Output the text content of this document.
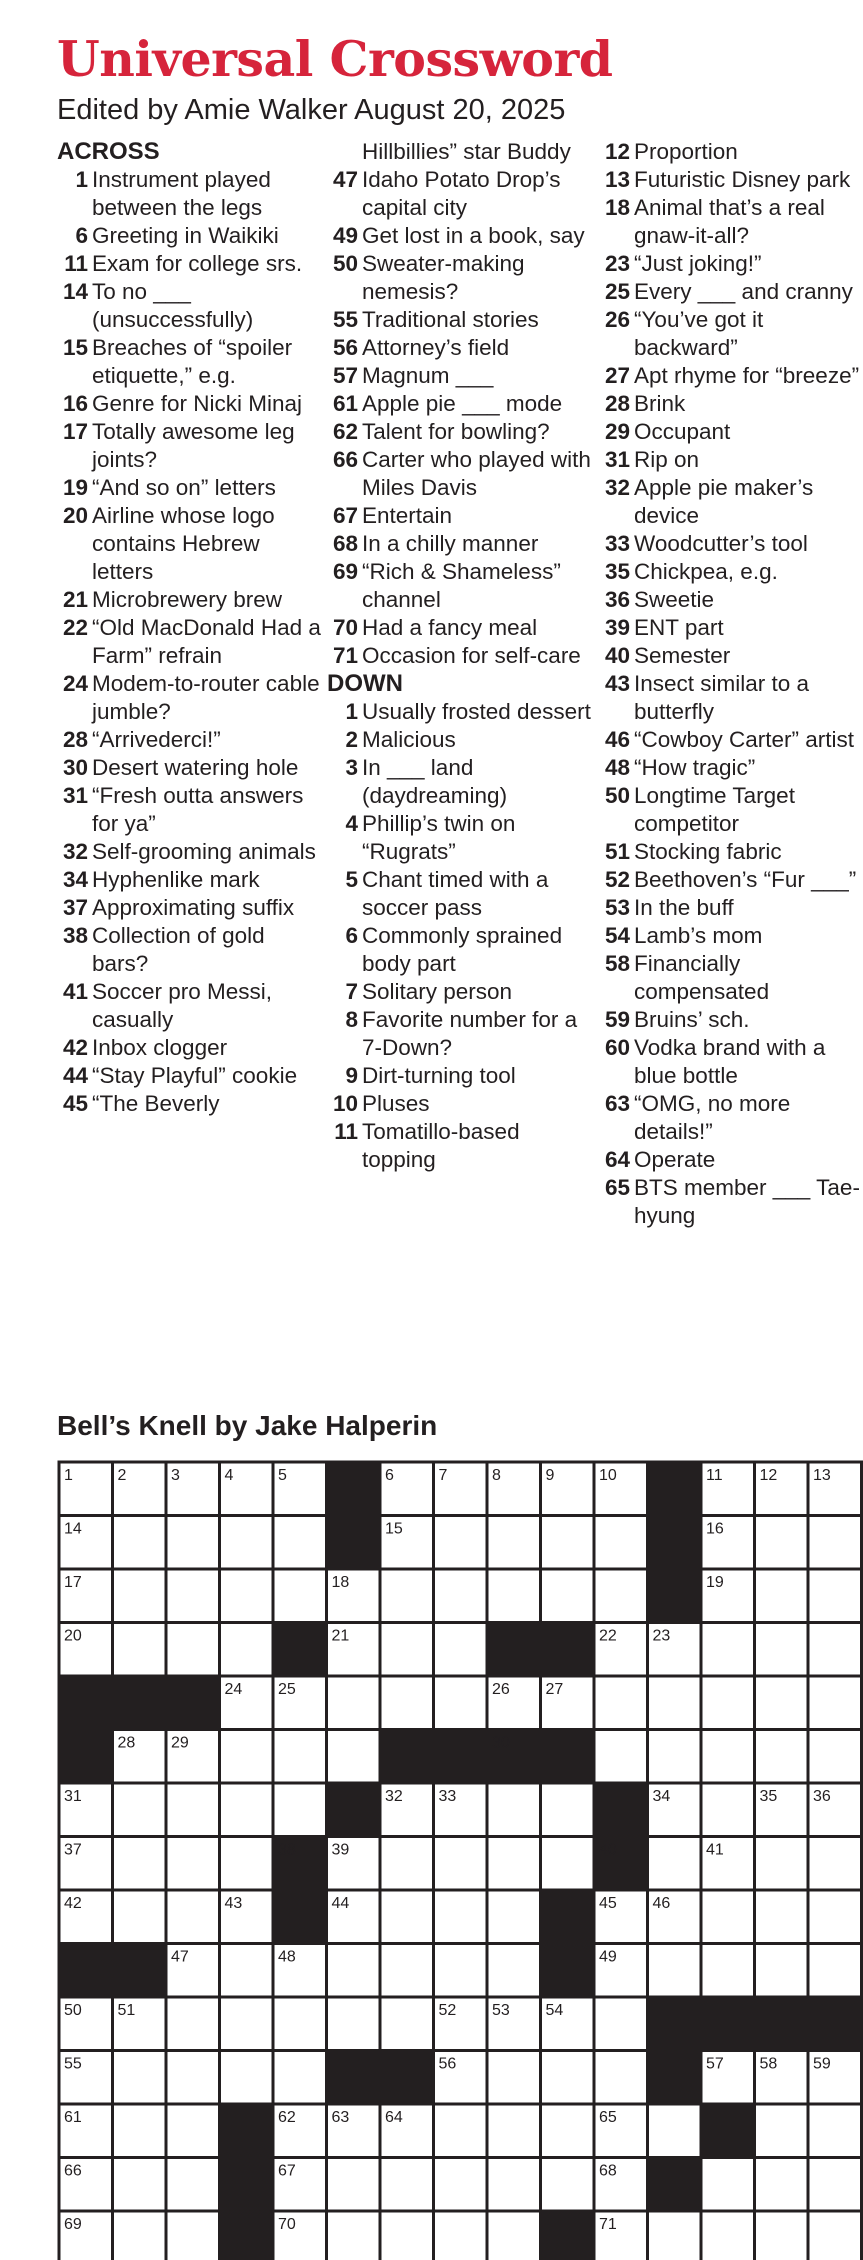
Universal Crossword
Edited by Amie Walker August 20, 2025
ACROSS
1 Instrument played between the legs
6 Greeting in Waikiki
11 Exam for college srs.
14 To no ___ (unsuccessfully)
15 Breaches of “spoiler etiquette,” e.g.
16 Genre for Nicki Minaj
17 Totally awesome leg joints?
19 “And so on” letters
20 Airline whose logo contains Hebrew letters
21 Microbrewery brew
22 “Old MacDonald Had a Farm” refrain
24 Modem-to-router cable jumble?
28 “Arrivederci!”
30 Desert watering hole
31 “Fresh outta answers for ya”
32 Self-grooming animals
34 Hyphenlike mark
37 Approximating suffix
38 Collection of gold bars?
41 Soccer pro Messi, casually
42 Inbox clogger
44 “Stay Playful” cookie
45 “The Beverly
Hillbillies” star Buddy
47 Idaho Potato Drop’s capital city
49 Get lost in a book, say
50 Sweater-making nemesis?
55 Traditional stories
56 Attorney’s field
57 Magnum ___
61 Apple pie ___ mode
62 Talent for bowling?
66 Carter who played with Miles Davis
67 Entertain
68 In a chilly manner
69 “Rich & Shameless” channel
70 Had a fancy meal
71 Occasion for self-care
DOWN
1 Usually frosted dessert
2 Malicious
3 In ___ land (daydreaming)
4 Phillip’s twin on “Rugrats”
5 Chant timed with a soccer pass
6 Commonly sprained body part
7 Solitary person
8 Favorite number for a 7-Down?
9 Dirt-turning tool
10 Pluses
11 Tomatillo-based topping
12 Proportion
13 Futuristic Disney park
18 Animal that’s a real gnaw-it-all?
23 “Just joking!”
25 Every ___ and cranny
26 “You’ve got it backward”
27 Apt rhyme for “breeze”
28 Brink
29 Occupant
31 Rip on
32 Apple pie maker’s device
33 Woodcutter’s tool
35 Chickpea, e.g.
36 Sweetie
39 ENT part
40 Semester
43 Insect similar to a butterfly
46 “Cowboy Carter” artist
48 “How tragic”
50 Longtime Target competitor
51 Stocking fabric
52 Beethoven’s “Fur ___”
53 In the buff
54 Lamb’s mom
58 Financially compensated
59 Bruins’ sch.
60 Vodka brand with a blue bottle
63 “OMG, no more details!”
64 Operate
65 BTS member ___ Tae-hyung
Bell’s Knell by Jake Halperin
1	2	3	4	5	6	7	8	9	10	11 12 13
14	15	16
17	18	19
20	21	22 23
24 25	26 27
28 29	30
31	32 33	34	35 36
37	38 39	40	41
42	43	44	45 46
47	48	49
50 51	52 53 54
55	56	57 58 59
61	62 63 64	65
66	67	68
69	70	71
